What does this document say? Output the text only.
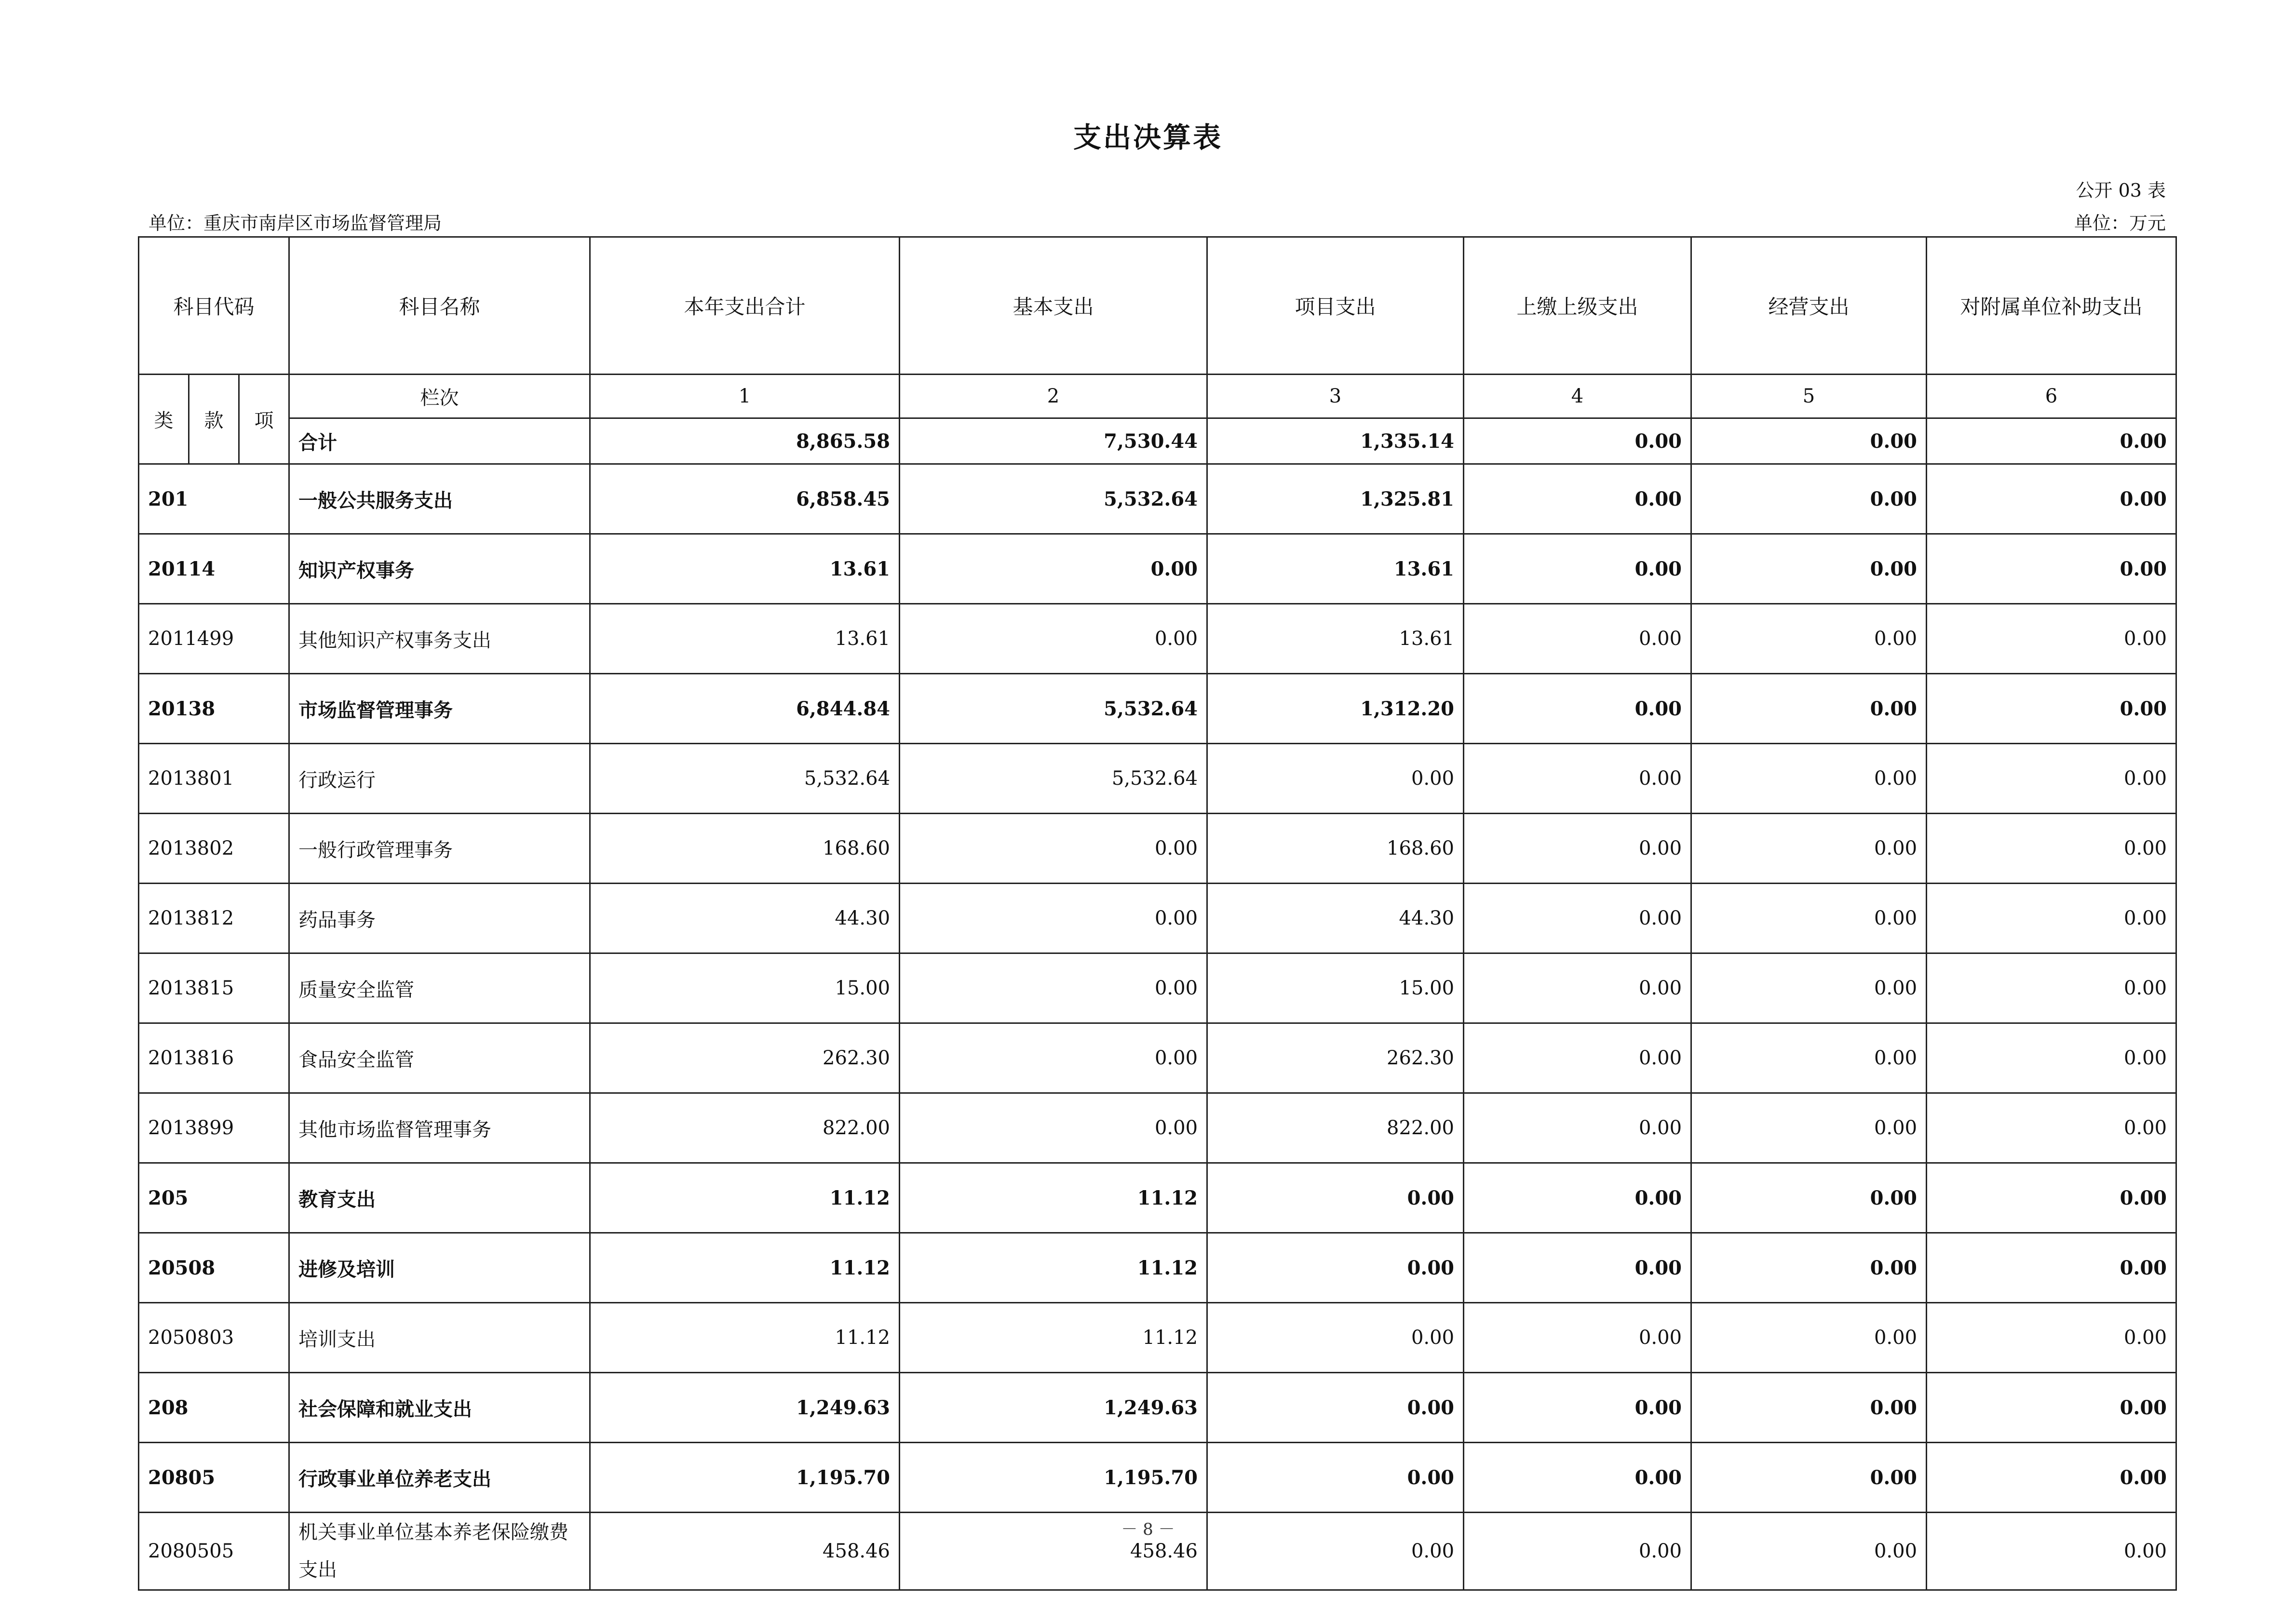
支出决算表
公开 03 表
单位：重庆市南岸区市场监督管理局	单位：万元
科目代码			科目名称	本年支出合计	基本支出	项目支出	上缴上级支出	经营支出	对附属单位补助支出
类	款	项	栏次	1	2	3	4	5	6
			合计	8,865.58	7,530.44	1,335.14	0.00	0.00	0.00
201			一般公共服务支出	6,858.45	5,532.64	1,325.81	0.00	0.00	0.00
20114			知识产权事务	13.61	0.00	13.61	0.00	0.00	0.00
2011499			其他知识产权事务支出	13.61	0.00	13.61	0.00	0.00	0.00
20138			市场监督管理事务	6,844.84	5,532.64	1,312.20	0.00	0.00	0.00
2013801			行政运行	5,532.64	5,532.64	0.00	0.00	0.00	0.00
2013802			一般行政管理事务	168.60	0.00	168.60	0.00	0.00	0.00
2013812			药品事务	44.30	0.00	44.30	0.00	0.00	0.00
2013815			质量安全监管	15.00	0.00	15.00	0.00	0.00	0.00
2013816			食品安全监管	262.30	0.00	262.30	0.00	0.00	0.00
2013899			其他市场监督管理事务	822.00	0.00	822.00	0.00	0.00	0.00
205			教育支出	11.12	11.12	0.00	0.00	0.00	0.00
20508			进修及培训	11.12	11.12	0.00	0.00	0.00	0.00
2050803			培训支出	11.12	11.12	0.00	0.00	0.00	0.00
208			社会保障和就业支出	1,249.63	1,249.63	0.00	0.00	0.00	0.00
20805			行政事业单位养老支出	1,195.70	1,195.70	0.00	0.00	0.00	0.00
2080505			机关事业单位基本养老保险缴费支出	458.46	458.46	0.00	0.00	0.00	0.00
－ 8 －
